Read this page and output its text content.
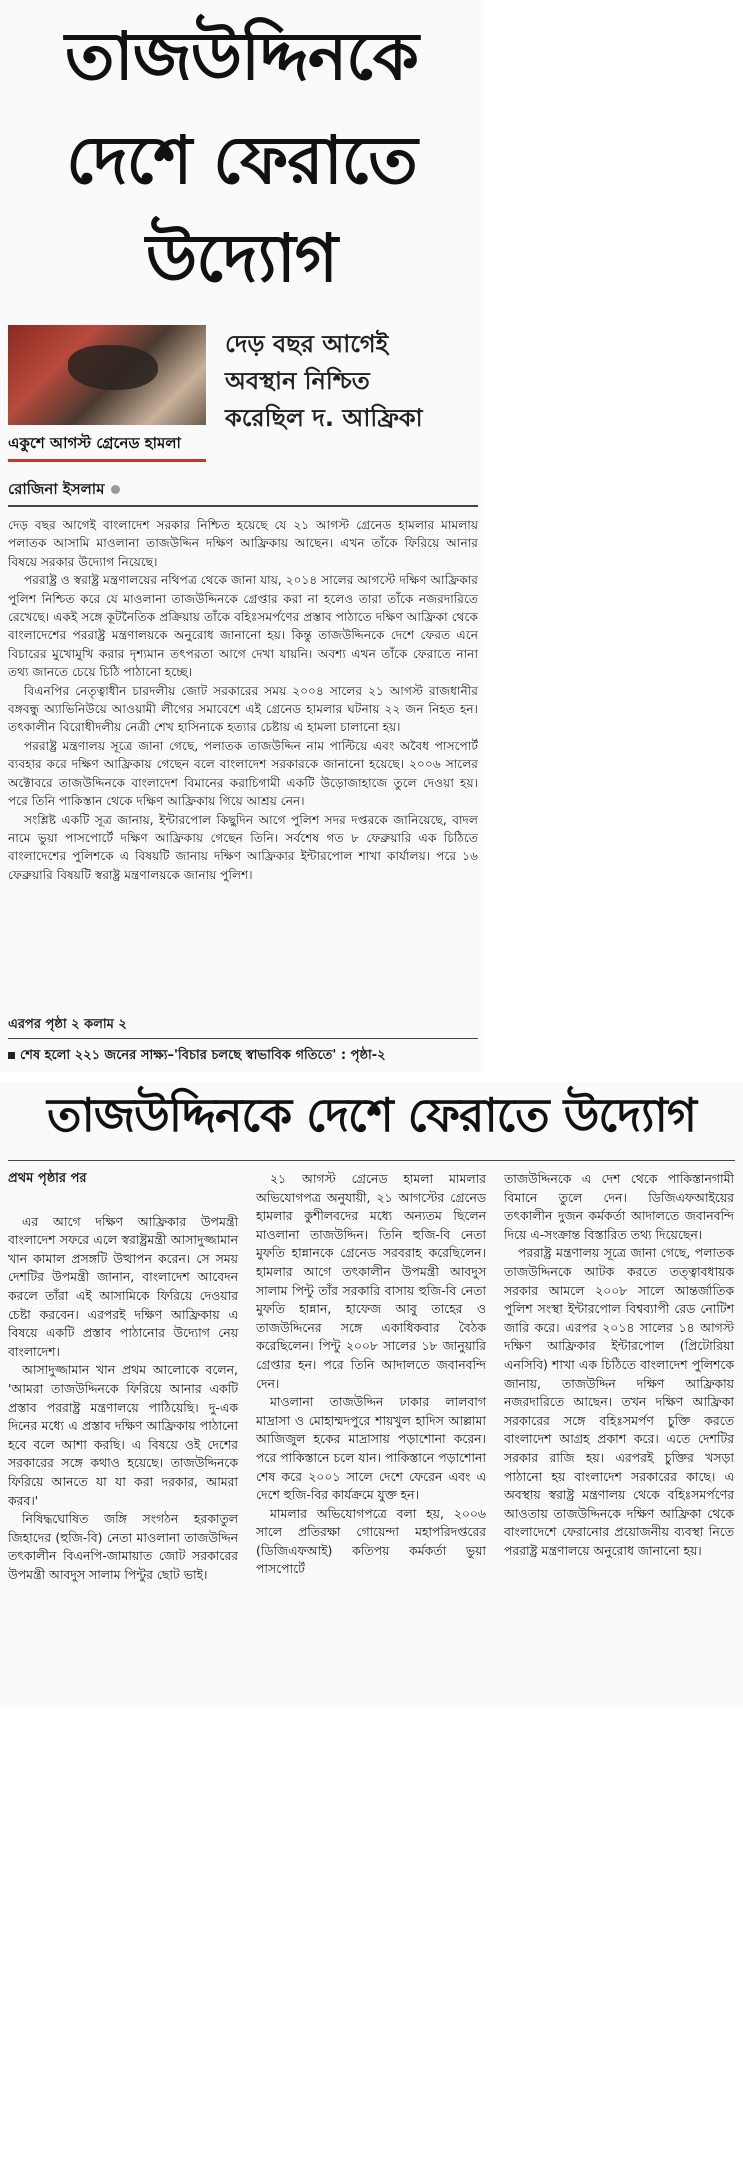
তাজউদ্দিনকে
দেশে ফেরাতে
উদ্যোগ
একুশে আগস্ট গ্রেনেড হামলা
দেড় বছর আগেই
অবস্থান নিশ্চিত
করেছিল দ. আফ্রিকা
রোজিনা ইসলাম

দেড় বছর আগেই বাংলাদেশ সরকার নিশ্চিত হয়েছে যে ২১ আগস্ট গ্রেনেড হামলার মামলায় পলাতক আসামি মাওলানা তাজউদ্দিন দক্ষিণ আফ্রিকায় আছেন। এখন তাঁকে ফিরিয়ে আনার বিষয়ে সরকার উদ্যোগ নিয়েছে।

পররাষ্ট্র ও স্বরাষ্ট্র মন্ত্রণালয়ের নথিপত্র থেকে জানা যায়, ২০১৪ সালের আগস্টে দক্ষিণ আফ্রিকার পুলিশ নিশ্চিত করে যে মাওলানা তাজউদ্দিনকে গ্রেপ্তার করা না হলেও তারা তাঁকে নজরদারিতে রেখেছে। একই সঙ্গে কূটনৈতিক প্রক্রিয়ায় তাঁকে বহিঃসমর্পণের প্রস্তাব পাঠাতে দক্ষিণ আফ্রিকা থেকে বাংলাদেশের পররাষ্ট্র মন্ত্রণালয়কে অনুরোধ জানানো হয়। কিন্তু তাজউদ্দিনকে দেশে ফেরত এনে বিচারের মুখোমুখি করার দৃশ্যমান তৎপরতা আগে দেখা যায়নি। অবশ্য এখন তাঁকে ফেরাতে নানা তথ্য জানতে চেয়ে চিঠি পাঠানো হচ্ছে।

বিএনপির নেতৃত্বাধীন চারদলীয় জোট সরকারের সময় ২০০৪ সালের ২১ আগস্ট রাজধানীর বঙ্গবন্ধু অ্যাভিনিউয়ে আওয়ামী লীগের সমাবেশে এই গ্রেনেড হামলার ঘটনায় ২২ জন নিহত হন। তৎকালীন বিরোধীদলীয় নেত্রী শেখ হাসিনাকে হত্যার চেষ্টায় এ হামলা চালানো হয়।

পররাষ্ট্র মন্ত্রণালয় সূত্রে জানা গেছে, পলাতক তাজউদ্দিন নাম পাল্টিয়ে এবং অবৈধ পাসপোর্ট ব্যবহার করে দক্ষিণ আফ্রিকায় গেছেন বলে বাংলাদেশ সরকারকে জানানো হয়েছে। ২০০৬ সালের অক্টোবরে তাজউদ্দিনকে বাংলাদেশ বিমানের করাচিগামী একটি উড়োজাহাজে তুলে দেওয়া হয়। পরে তিনি পাকিস্তান থেকে দক্ষিণ আফ্রিকায় গিয়ে আশ্রয় নেন।

সংশ্লিষ্ট একটি সূত্র জানায়, ইন্টারপোল কিছুদিন আগে পুলিশ সদর দপ্তরকে জানিয়েছে, বাদল নামে ভুয়া পাসপোর্টে দক্ষিণ আফ্রিকায় গেছেন তিনি। সর্বশেষ গত ৮ ফেব্রুয়ারি এক চিঠিতে বাংলাদেশের পুলিশকে এ বিষয়টি জানায় দক্ষিণ আফ্রিকার ইন্টারপোল শাখা কার্যালয়। পরে ১৬ ফেব্রুয়ারি বিষয়টি স্বরাষ্ট্র মন্ত্রণালয়কে জানায় পুলিশ।

এরপর পৃষ্ঠা ২ কলাম ২
শেষ হলো ২২১ জনের সাক্ষ্য–'বিচার চলছে স্বাভাবিক গতিতে' : পৃষ্ঠা-২
তাজউদ্দিনকে দেশে ফেরাতে উদ্যোগ

প্রথম পৃষ্ঠার পর

এর আগে দক্ষিণ আফ্রিকার উপমন্ত্রী বাংলাদেশ সফরে এলে স্বরাষ্ট্রমন্ত্রী আসাদুজ্জামান খান কামাল প্রসঙ্গটি উত্থাপন করেন। সে সময় দেশটির উপমন্ত্রী জানান, বাংলাদেশ আবেদন করলে তাঁরা এই আসামিকে ফিরিয়ে দেওয়ার চেষ্টা করবেন। এরপরই দক্ষিণ আফ্রিকায় এ বিষয়ে একটি প্রস্তাব পাঠানোর উদ্যোগ নেয় বাংলাদেশ।

আসাদুজ্জামান খান প্রথম আলোকে বলেন, 'আমরা তাজউদ্দিনকে ফিরিয়ে আনার একটি প্রস্তাব পররাষ্ট্র মন্ত্রণালয়ে পাঠিয়েছি। দু-এক দিনের মধ্যে এ প্রস্তাব দক্ষিণ আফ্রিকায় পাঠানো হবে বলে আশা করছি। এ বিষয়ে ওই দেশের সরকারের সঙ্গে কথাও হয়েছে। তাজউদ্দিনকে ফিরিয়ে আনতে যা যা করা দরকার, আমরা করব।'

নিষিদ্ধঘোষিত জঙ্গি সংগঠন হরকাতুল জিহাদের (হুজি-বি) নেতা মাওলানা তাজউদ্দিন তৎকালীন বিএনপি-জামায়াত জোট সরকারের উপমন্ত্রী আবদুস সালাম পিন্টুর ছোট ভাই।

২১ আগস্ট গ্রেনেড হামলা মামলার অভিযোগপত্র অনুযায়ী, ২১ আগস্টের গ্রেনেড হামলার কুশীলবদের মধ্যে অন্যতম ছিলেন মাওলানা তাজউদ্দিন। তিনি হুজি-বি নেতা মুফতি হান্নানকে গ্রেনেড সরবরাহ করেছিলেন। হামলার আগে তৎকালীন উপমন্ত্রী আবদুস সালাম পিন্টু তাঁর সরকারি বাসায় হুজি-বি নেতা মুফতি হান্নান, হাফেজ আবু তাহের ও তাজউদ্দিনের সঙ্গে একাধিকবার বৈঠক করেছিলেন। পিন্টু ২০০৮ সালের ১৮ জানুয়ারি গ্রেপ্তার হন। পরে তিনি আদালতে জবানবন্দি দেন।

মাওলানা তাজউদ্দিন ঢাকার লালবাগ মাদ্রাসা ও মোহাম্মদপুরে শায়খুল হাদিস আল্লামা আজিজুল হকের মাদ্রাসায় পড়াশোনা করেন। পরে পাকিস্তানে চলে যান। পাকিস্তানে পড়াশোনা শেষ করে ২০০১ সালে দেশে ফেরেন এবং এ দেশে হুজি-বির কার্যক্রমে যুক্ত হন।

মামলার অভিযোগপত্রে বলা হয়, ২০০৬ সালে প্রতিরক্ষা গোয়েন্দা মহাপরিদপ্তরের (ডিজিএফআই) কতিপয় কর্মকর্তা ভুয়া পাসপোর্টে

তাজউদ্দিনকে এ দেশ থেকে পাকিস্তানগামী বিমানে তুলে দেন। ডিজিএফআইয়ের তৎকালীন দুজন কর্মকর্তা আদালতে জবানবন্দি দিয়ে এ-সংক্রান্ত বিস্তারিত তথ্য দিয়েছেন।

পররাষ্ট্র মন্ত্রণালয় সূত্রে জানা গেছে, পলাতক তাজউদ্দিনকে আটক করতে তত্ত্বাবধায়ক সরকার আমলে ২০০৮ সালে আন্তর্জাতিক পুলিশ সংস্থা ইন্টারপোল বিশ্বব্যাপী রেড নোটিশ জারি করে। এরপর ২০১৪ সালের ১৪ আগস্ট দক্ষিণ আফ্রিকার ইন্টারপোল (প্রিটোরিয়া এনসিবি) শাখা এক চিঠিতে বাংলাদেশ পুলিশকে জানায়, তাজউদ্দিন দক্ষিণ আফ্রিকায় নজরদারিতে আছেন। তখন দক্ষিণ আফ্রিকা সরকারের সঙ্গে বহিঃসমর্পণ চুক্তি করতে বাংলাদেশ আগ্রহ প্রকাশ করে। এতে দেশটির সরকার রাজি হয়। এরপরই চুক্তির খসড়া পাঠানো হয় বাংলাদেশ সরকারের কাছে। এ অবস্থায় স্বরাষ্ট্র মন্ত্রণালয় থেকে বহিঃসমর্পণের আওতায় তাজউদ্দিনকে দক্ষিণ আফ্রিকা থেকে বাংলাদেশে ফেরানোর প্রয়োজনীয় ব্যবস্থা নিতে পররাষ্ট্র মন্ত্রণালয়ে অনুরোধ জানানো হয়।
